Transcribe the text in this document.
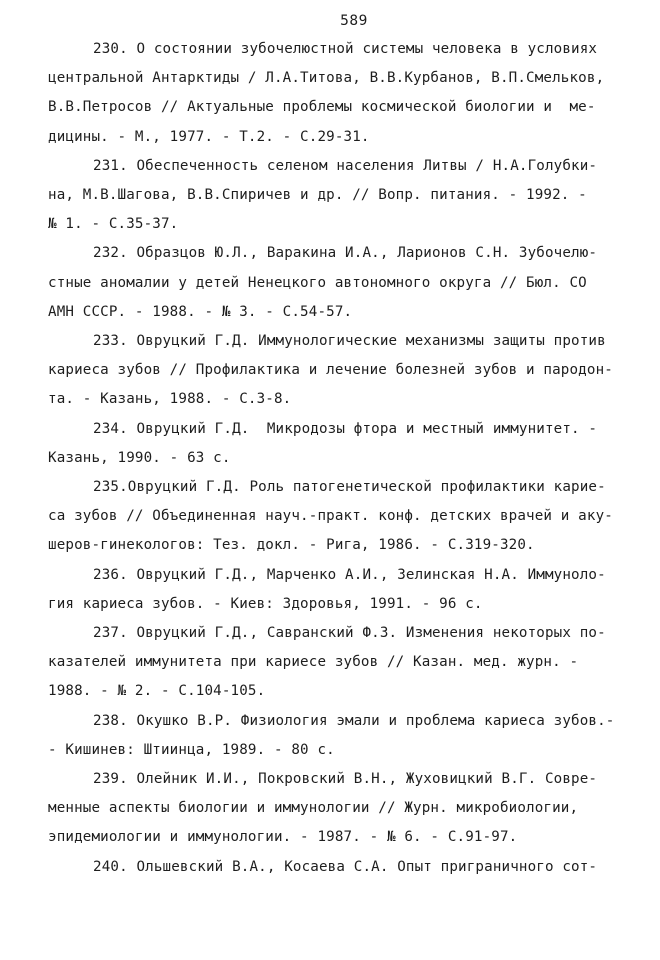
589
230. О состоянии зубочелюстной системы человека в условиях
центральной Антарктиды / Л.А.Титова, В.В.Курбанов, В.П.Смельков,
В.В.Петросов // Актуальные проблемы космической биологии и  ме-
дицины. - М., 1977. - Т.2. - С.29-31.
231. Обеспеченность селеном населения Литвы / Н.А.Голубки-
на, М.В.Шагова, В.В.Спиричев и др. // Вопр. питания. - 1992. -
№ 1. - С.35-37.
232. Образцов Ю.Л., Варакина И.А., Ларионов С.Н. Зубочелю-
стные аномалии у детей Ненецкого автономного округа // Бюл. СО
АМН СССР. - 1988. - № 3. - С.54-57.
233. Овруцкий Г.Д. Иммунологические механизмы защиты против
кариеса зубов // Профилактика и лечение болезней зубов и пародон-
та. - Казань, 1988. - С.3-8.
234. Овруцкий Г.Д.  Микродозы фтора и местный иммунитет. -
Казань, 1990. - 63 с.
235.Овруцкий Г.Д. Роль патогенетической профилактики карие-
са зубов // Объединенная науч.-практ. конф. детских врачей и аку-
шеров-гинекологов: Тез. докл. - Рига, 1986. - С.319-320.
236. Овруцкий Г.Д., Марченко А.И., Зелинская Н.А. Иммуноло-
гия кариеса зубов. - Киев: Здоровья, 1991. - 96 с.
237. Овруцкий Г.Д., Савранский Ф.З. Изменения некоторых по-
казателей иммунитета при кариесе зубов // Казан. мед. журн. -
1988. - № 2. - С.104-105.
238. Окушко В.Р. Физиология эмали и проблема кариеса зубов.-
- Кишинев: Штиинца, 1989. - 80 с.
239. Олейник И.И., Покровский В.Н., Жуховицкий В.Г. Совре-
менные аспекты биологии и иммунологии // Журн. микробиологии,
эпидемиологии и иммунологии. - 1987. - № 6. - С.91-97.
240. Ольшевский В.А., Косаева С.А. Опыт приграничного сот-
